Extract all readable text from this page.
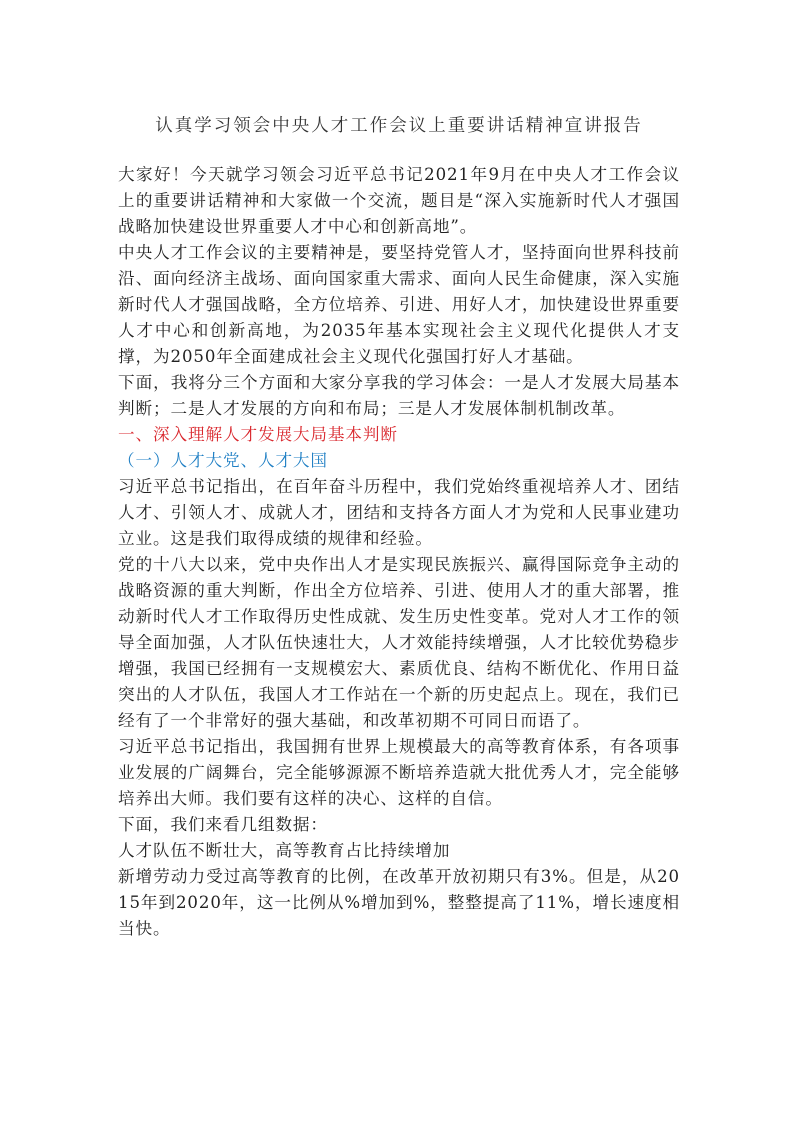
认真学习领会中央人才工作会议上重要讲话精神宣讲报告

大家好！今天就学习领会习近平总书记2021年9月在中央人才工作会议上的重要讲话精神和大家做一个交流，题目是“深入实施新时代人才强国战略加快建设世界重要人才中心和创新高地”。

中央人才工作会议的主要精神是，要坚持党管人才，坚持面向世界科技前沿、面向经济主战场、面向国家重大需求、面向人民生命健康，深入实施新时代人才强国战略，全方位培养、引进、用好人才，加快建设世界重要人才中心和创新高地，为2035年基本实现社会主义现代化提供人才支撑，为2050年全面建成社会主义现代化强国打好人才基础。

下面，我将分三个方面和大家分享我的学习体会：一是人才发展大局基本判断；二是人才发展的方向和布局；三是人才发展体制机制改革。

一、深入理解人才发展大局基本判断

（一）人才大党、人才大国

习近平总书记指出，在百年奋斗历程中，我们党始终重视培养人才、团结人才、引领人才、成就人才，团结和支持各方面人才为党和人民事业建功立业。这是我们取得成绩的规律和经验。

党的十八大以来，党中央作出人才是实现民族振兴、赢得国际竞争主动的战略资源的重大判断，作出全方位培养、引进、使用人才的重大部署，推动新时代人才工作取得历史性成就、发生历史性变革。党对人才工作的领导全面加强，人才队伍快速壮大，人才效能持续增强，人才比较优势稳步增强，我国已经拥有一支规模宏大、素质优良、结构不断优化、作用日益突出的人才队伍，我国人才工作站在一个新的历史起点上。现在，我们已经有了一个非常好的强大基础，和改革初期不可同日而语了。

习近平总书记指出，我国拥有世界上规模最大的高等教育体系，有各项事业发展的广阔舞台，完全能够源源不断培养造就大批优秀人才，完全能够培养出大师。我们要有这样的决心、这样的自信。

下面，我们来看几组数据：

人才队伍不断壮大，高等教育占比持续增加

新增劳动力受过高等教育的比例，在改革开放初期只有3%。但是，从2015年到2020年，这一比例从%增加到%，整整提高了11%，增长速度相当快。
